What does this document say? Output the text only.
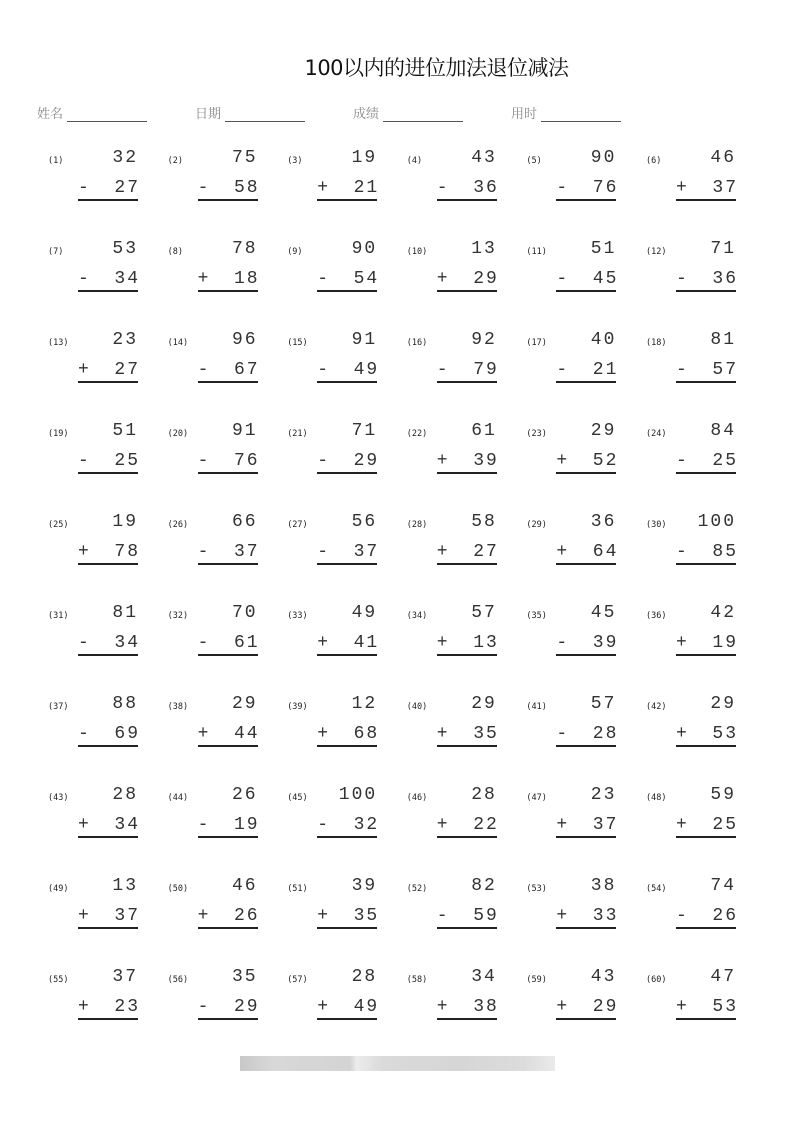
100以内的进位加法退位减法
姓名	日期	成绩	用时
(1)	32
- 27
(2)	75
- 58
(3)	19
+ 21
(4)	43
- 36
(5)	90
- 76
(6)	46
+ 37
(7)	53
- 34
(8)	78
+ 18
(9)	90
- 54
(10) 13
+ 29
(11) 51
- 45
(12) 71
- 36
(13) 23
+ 27
(14) 96
- 67
(15) 91
- 49
(16) 92
- 79
(17) 40
- 21
(18) 81
- 57
(19) 51
- 25
(20) 91
- 76
(21) 71
- 29
(22) 61
+ 39
(23) 29
+ 52
(24) 84
- 25
(25) 19
+ 78
(26) 66
- 37
(27) 56
- 37
(28) 58
+ 27
(29) 36
+ 64
(30) 100
- 85
(31) 81
- 34
(32) 70
- 61
(33) 49
+ 41
(34) 57
+ 13
(35) 45
- 39
(36) 42
+ 19
(37) 88
- 69
(38) 29
+ 44
(39) 12
+ 68
(40) 29
+ 35
(41) 57
- 28
(42) 29
+ 53
(43) 28
+ 34
(44) 26
- 19
(45) 100
- 32
(46) 28
+ 22
(47) 23
+ 37
(48) 59
+ 25
(49) 13
+ 37
(50) 46
+ 26
(51) 39
+ 35
(52) 82
- 59
(53) 38
+ 33
(54) 74
- 26
(55) 37
+ 23
(56) 35
- 29
(57) 28
+ 49
(58) 34
+ 38
(59) 43
+ 29
(60) 47
+ 53
